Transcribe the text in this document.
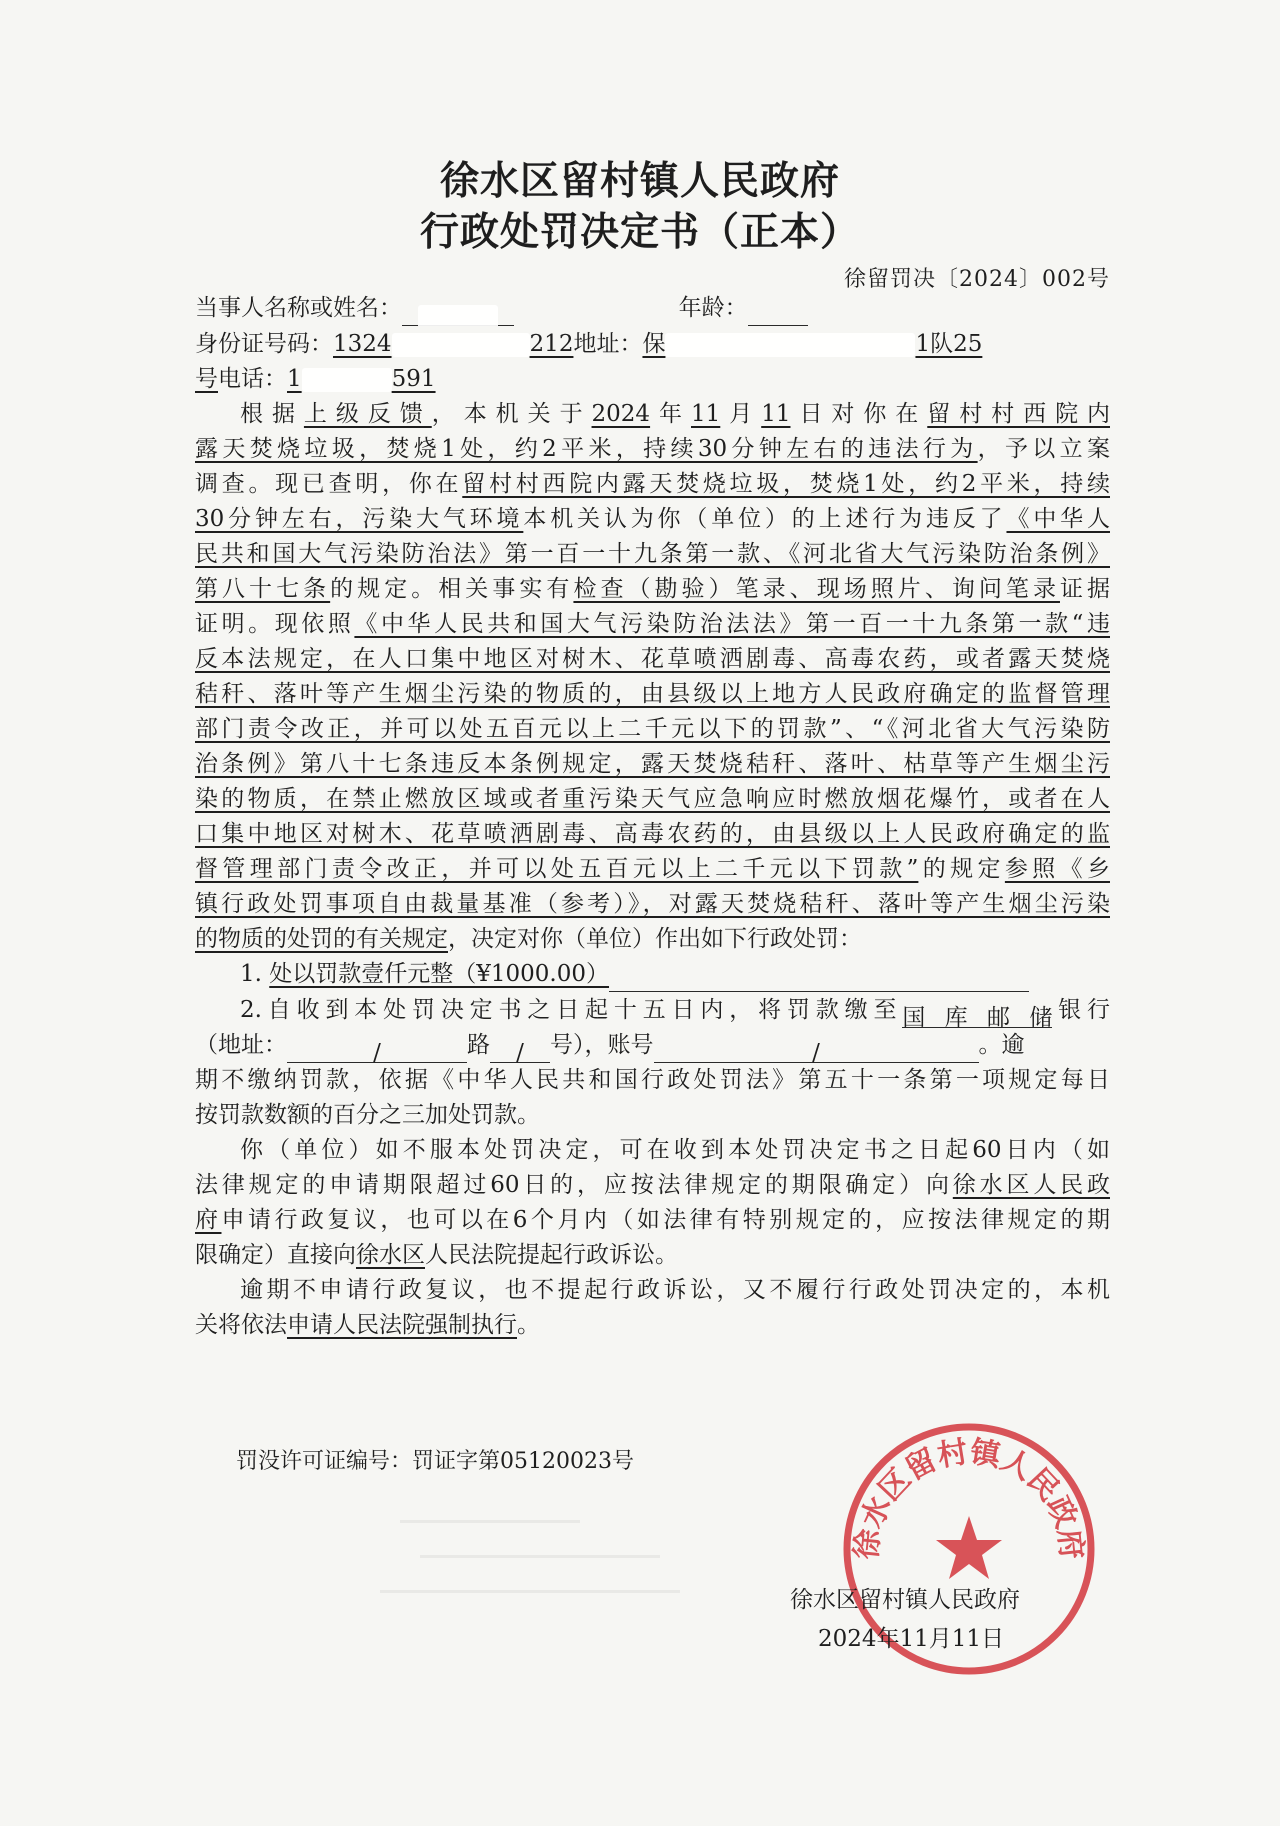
徐水区留村镇人民政府
行政处罚决定书（正本）
徐留罚决〔2024〕002号
当事人名称或姓名：	年龄：
身份证号码：1324	212地址：保	1队25
号电话：1	591
根据上级反馈，本机关于2024年11月11日对你在留村村西院内
露天焚烧垃圾，焚烧1处，约2平米，持续30分钟左右的违法行为，予以立案
调查。现已查明，你在留村村西院内露天焚烧垃圾，焚烧1处，约2平米，持续
30分钟左右，污染大气环境本机关认为你（单位）的上述行为违反了《中华人
民共和国大气污染防治法》第一百一十九条第一款、《河北省大气污染防治条例》
第八十七条的规定。相关事实有检查（勘验）笔录、现场照片、询问笔录证据
证明。现依照《中华人民共和国大气污染防治法法》第一百一十九条第一款“违
反本法规定，在人口集中地区对树木、花草喷洒剧毒、高毒农药，或者露天焚烧
秸秆、落叶等产生烟尘污染的物质的，由县级以上地方人民政府确定的监督管理
部门责令改正，并可以处五百元以上二千元以下的罚款”、“《河北省大气污染防
治条例》第八十七条违反本条例规定，露天焚烧秸秆、落叶、枯草等产生烟尘污
染的物质，在禁止燃放区域或者重污染天气应急响应时燃放烟花爆竹，或者在人
口集中地区对树木、花草喷洒剧毒、高毒农药的，由县级以上人民政府确定的监
督管理部门责令改正，并可以处五百元以上二千元以下罚款”的规定参照《乡
镇行政处罚事项自由裁量基准（参考）》，对露天焚烧秸秆、落叶等产生烟尘污染
的物质的处罚的有关规定，决定对你（单位）作出如下行政处罚：
1. 处以罚款壹仟元整（¥1000.00）
2.自收到本处罚决定书之日起十五日内，将罚款缴至国库邮储银行
（地址：	/	路 / 号），账号	/	。逾
期不缴纳罚款，依据《中华人民共和国行政处罚法》第五十一条第一项规定每日
按罚款数额的百分之三加处罚款。
你（单位）如不服本处罚决定，可在收到本处罚决定书之日起60日内（如
法律规定的申请期限超过60日的，应按法律规定的期限确定）向徐水区人民政
府申请行政复议，也可以在6个月内（如法律有特别规定的，应按法律规定的期
限确定）直接向徐水区人民法院提起行政诉讼。
逾期不申请行政复议，也不提起行政诉讼，又不履行行政处罚决定的，本机
关将依法申请人民法院强制执行。
罚没许可证编号：罚证字第05120023号
徐水区留村镇人民政府
徐水区留村镇人民政府
2024年11月11日
